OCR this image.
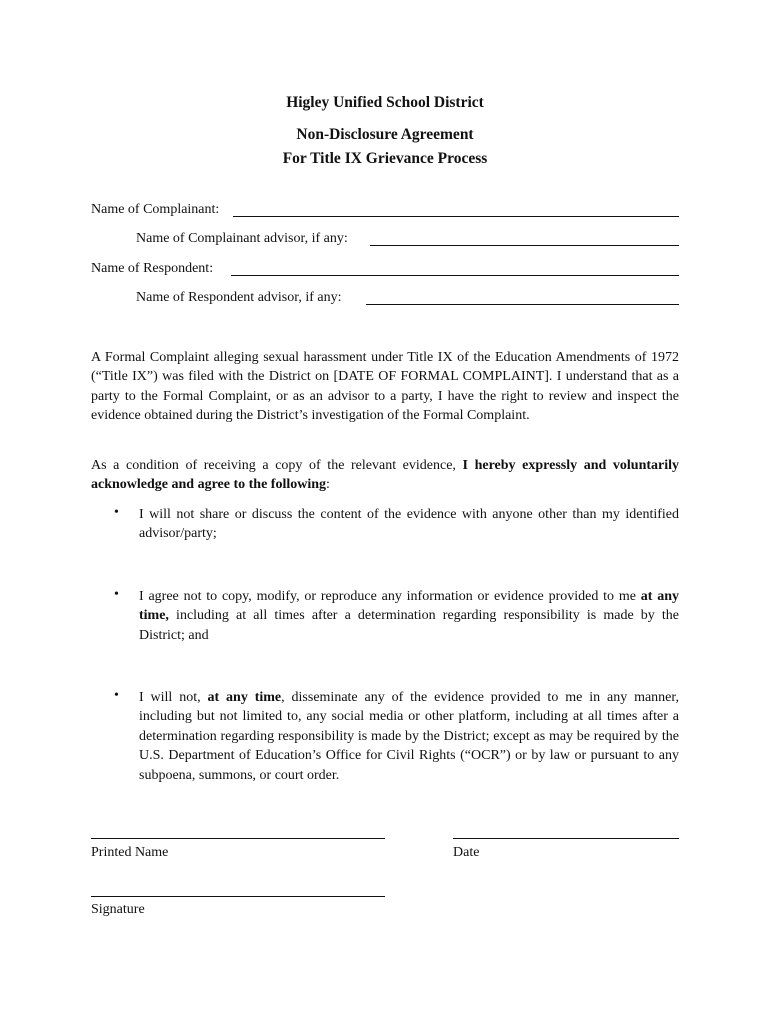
Higley Unified School District
Non-Disclosure Agreement
For Title IX Grievance Process
Name of Complainant:
Name of Complainant advisor, if any:
Name of Respondent:
Name of Respondent advisor, if any:
A Formal Complaint alleging sexual harassment under Title IX of the Education Amendments of 1972 (“Title IX”) was filed with the District on [DATE OF FORMAL COMPLAINT]. I understand that as a party to the Formal Complaint, or as an advisor to a party, I have the right to review and inspect the evidence obtained during the District’s investigation of the Formal Complaint.
As a condition of receiving a copy of the relevant evidence, I hereby expressly and voluntarily acknowledge and agree to the following:
• I will not share or discuss the content of the evidence with anyone other than my identified advisor/party;
• I agree not to copy, modify, or reproduce any information or evidence provided to me at any time, including at all times after a determination regarding responsibility is made by the District; and
• I will not, at any time, disseminate any of the evidence provided to me in any manner, including but not limited to, any social media or other platform, including at all times after a determination regarding responsibility is made by the District; except as may be required by the U.S. Department of Education’s Office for Civil Rights (“OCR”) or by law or pursuant to any subpoena, summons, or court order.
Printed Name	Date
Signature
